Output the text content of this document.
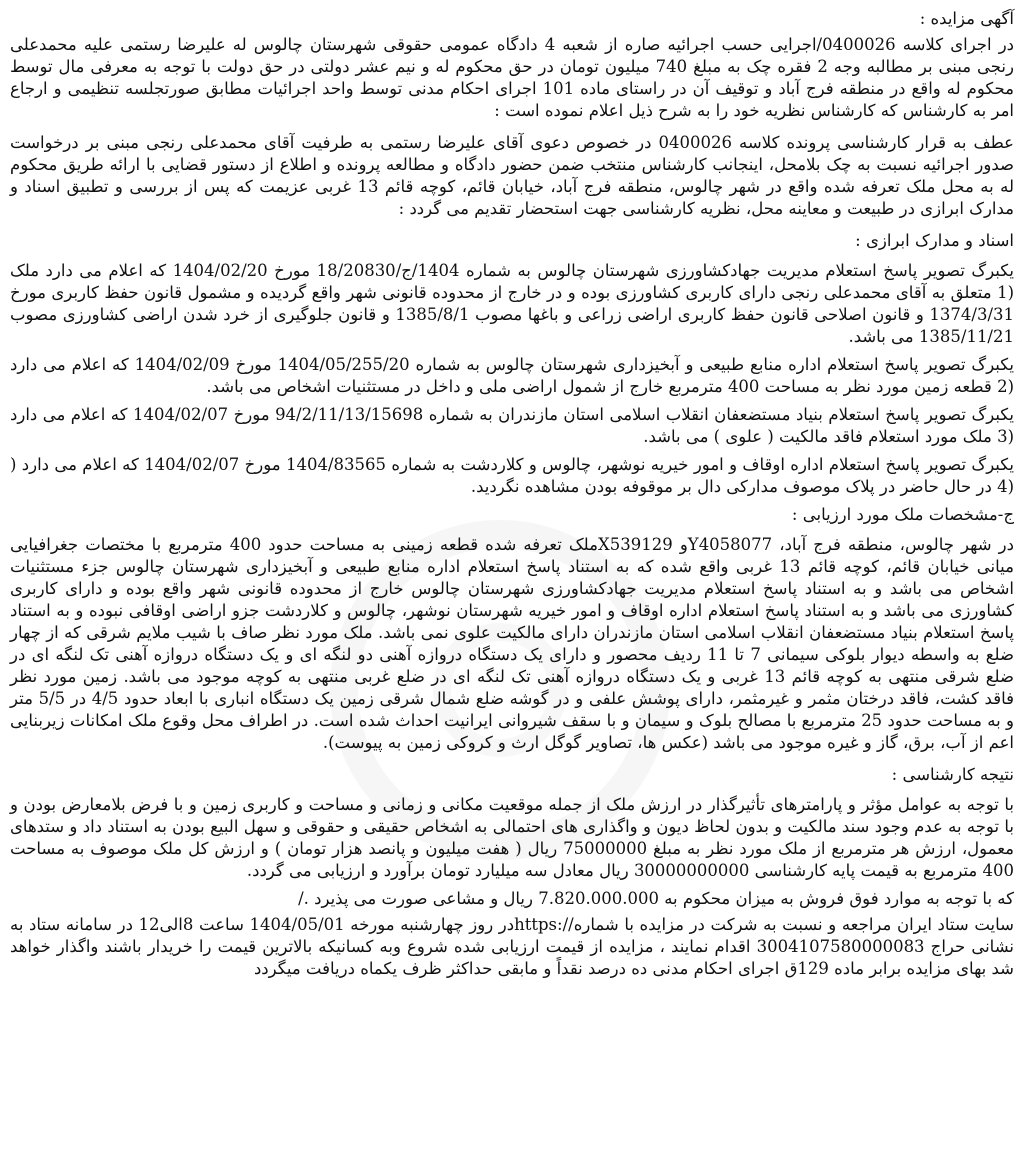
آگهی مزایده :

در اجرای کلاسه 0400026/اجرایی حسب اجرائیه صاره از شعبه 4 دادگاه عمومی حقوقی شهرستان چالوس له علیرضا رستمی علیه محمدعلی رنجی مبنی بر مطالبه وجه 2 فقره چک به مبلغ 740 میلیون تومان در حق محکوم له و نیم عشر دولتی در حق دولت با توجه به معرفی مال توسط محکوم له واقع در منطقه فرج آباد و توقیف آن در راستای ماده 101 اجرای احکام مدنی توسط واحد اجرائیات مطابق صورتجلسه تنظیمی و ارجاع امر به کارشناس که کارشناس نظریه خود را به شرح ذیل اعلام نموده است :

عطف به قرار کارشناسی پرونده کلاسه 0400026 در خصوص دعوی آقای علیرضا رستمی به طرفیت آقای محمدعلی رنجی مبنی بر درخواست صدور اجرائیه نسبت به چک بلامحل، اینجانب کارشناس منتخب ضمن حضور دادگاه و مطالعه پرونده و اطلاع از دستور قضایی با ارائه طریق محکوم له به محل ملک تعرفه شده واقع در شهر چالوس، منطقه فرج آباد، خیابان قائم، کوچه قائم 13 غربی عزیمت که پس از بررسی و تطبیق اسناد و مدارک ابرازی در طبیعت و معاینه محل، نظریه کارشناسی جهت استحضار تقدیم می گردد :

اسناد و مدارک ابرازی :

یکبرگ تصویر پاسخ استعلام مدیریت جهادکشاورزی شهرستان چالوس به شماره 1404/ج/18/20830 مورخ 1404/02/20 که اعلام می دارد ملک (1 متعلق به آقای محمدعلی رنجی دارای کاربری کشاورزی بوده و در خارج از محدوده قانونی شهر واقع گردیده و مشمول قانون حفظ کاربری مورخ 1374/3/31 و قانون اصلاحی قانون حفظ کاربری اراضی زراعی و باغها مصوب 1385/8/1 و قانون جلوگیری از خرد شدن اراضی کشاورزی مصوب 1385/11/21 می باشد.

یکبرگ تصویر پاسخ استعلام اداره منابع طبیعی و آبخیزداری شهرستان چالوس به شماره 1404/05/255/20 مورخ 1404/02/09 که اعلام می دارد (2 قطعه زمین مورد نظر به مساحت 400 مترمربع خارج از شمول اراضی ملی و داخل در مستثنیات اشخاص می باشد.

یکبرگ تصویر پاسخ استعلام بنیاد مستضعفان انقلاب اسلامی استان مازندران به شماره 94/2/11/13/15698 مورخ 1404/02/07 که اعلام می دارد (3 ملک مورد استعلام فاقد مالکیت ( علوی ) می باشد.

یکبرگ تصویر پاسخ استعلام اداره اوقاف و امور خیریه نوشهر، چالوس و کلاردشت به شماره 1404/83565 مورخ 1404/02/07 که اعلام می دارد ( (4 در حال حاضر در پلاک موصوف مدارکی دال بر موقوفه بودن مشاهده نگردید.

ج-مشخصات ملک مورد ارزیابی :

در شهر چالوس، منطقه فرج آباد، Y4058077و X539129ملک تعرفه شده قطعه زمینی به مساحت حدود 400 مترمربع با مختصات جغرافیایی میانی خیابان قائم، کوچه قائم 13 غربی واقع شده که به استناد پاسخ استعلام اداره منابع طبیعی و آبخیزداری شهرستان چالوس جزء مستثنیات اشخاص می باشد و به استناد پاسخ استعلام مدیریت جهادکشاورزی شهرستان چالوس خارج از محدوده قانونی شهر واقع بوده و دارای کاربری کشاورزی می باشد و به استناد پاسخ استعلام اداره اوقاف و امور خیریه شهرستان نوشهر، چالوس و کلاردشت جزو اراضی اوقافی نبوده و به استناد پاسخ استعلام بنیاد مستضعفان انقلاب اسلامی استان مازندران دارای مالکیت علوی نمی باشد. ملک مورد نظر صاف با شیب ملایم شرقی که از چهار ضلع به واسطه دیوار بلوکی سیمانی 7 تا 11 ردیف محصور و دارای یک دستگاه دروازه آهنی دو لنگه ای و یک دستگاه دروازه آهنی تک لنگه ای در ضلع شرقی منتهی به کوچه قائم 13 غربی و یک دستگاه دروازه آهنی تک لنگه ای در ضلع غربی منتهی به کوچه موجود می باشد. زمین مورد نظر فاقد کشت، فاقد درختان مثمر و غیرمثمر، دارای پوشش علفی و در گوشه ضلع شمال شرقی زمین یک دستگاه انباری با ابعاد حدود 4/5 در 5/5 متر و به مساحت حدود 25 مترمربع با مصالح بلوک و سیمان و با سقف شیروانی ایرانیت احداث شده است. در اطراف محل وقوع ملک امکانات زیربنایی اعم از آب، برق، گاز و غیره موجود می باشد (عکس ها، تصاویر گوگل ارث و کروکی زمین به پیوست).

نتیجه کارشناسی :

با توجه به عوامل مؤثر و پارامترهای تأثیرگذار در ارزش ملک از جمله موقعیت مکانی و زمانی و مساحت و کاربری زمین و با فرض بلامعارض بودن و با توجه به عدم وجود سند مالکیت و بدون لحاظ دیون و واگذاری های احتمالی به اشخاص حقیقی و حقوقی و سهل البیع بودن به استناد داد و ستدهای معمول، ارزش هر مترمربع از ملک مورد نظر به مبلغ 75000000 ریال ( هفت میلیون و پانصد هزار تومان ) و ارزش کل ملک موصوف به مساحت 400 مترمربع به قیمت پایه کارشناسی 30000000000 ریال معادل سه میلیارد تومان برآورد و ارزیابی می گردد.

که با توجه به موارد فوق فروش به میزان محکوم به 7.820.000.000 ریال و مشاعی صورت می پذیرد ./

سایت ستاد ایران مراجعه و نسبت به شرکت در مزایده با شماره//:httpsدر روز چهارشنبه مورخه 1404/05/01 ساعت 8الی12 در سامانه ستاد به نشانی حراج 3004107580000083 اقدام نمایند ، مزایده از قیمت ارزیابی شده شروع وبه کسانیکه بالاترین قیمت را خریدار باشند واگذار خواهد شد بهای مزایده برابر ماده 129ق اجرای احکام مدنی ده درصد نقداً و مابقی حداکثر ظرف یکماه دریافت میگردد
